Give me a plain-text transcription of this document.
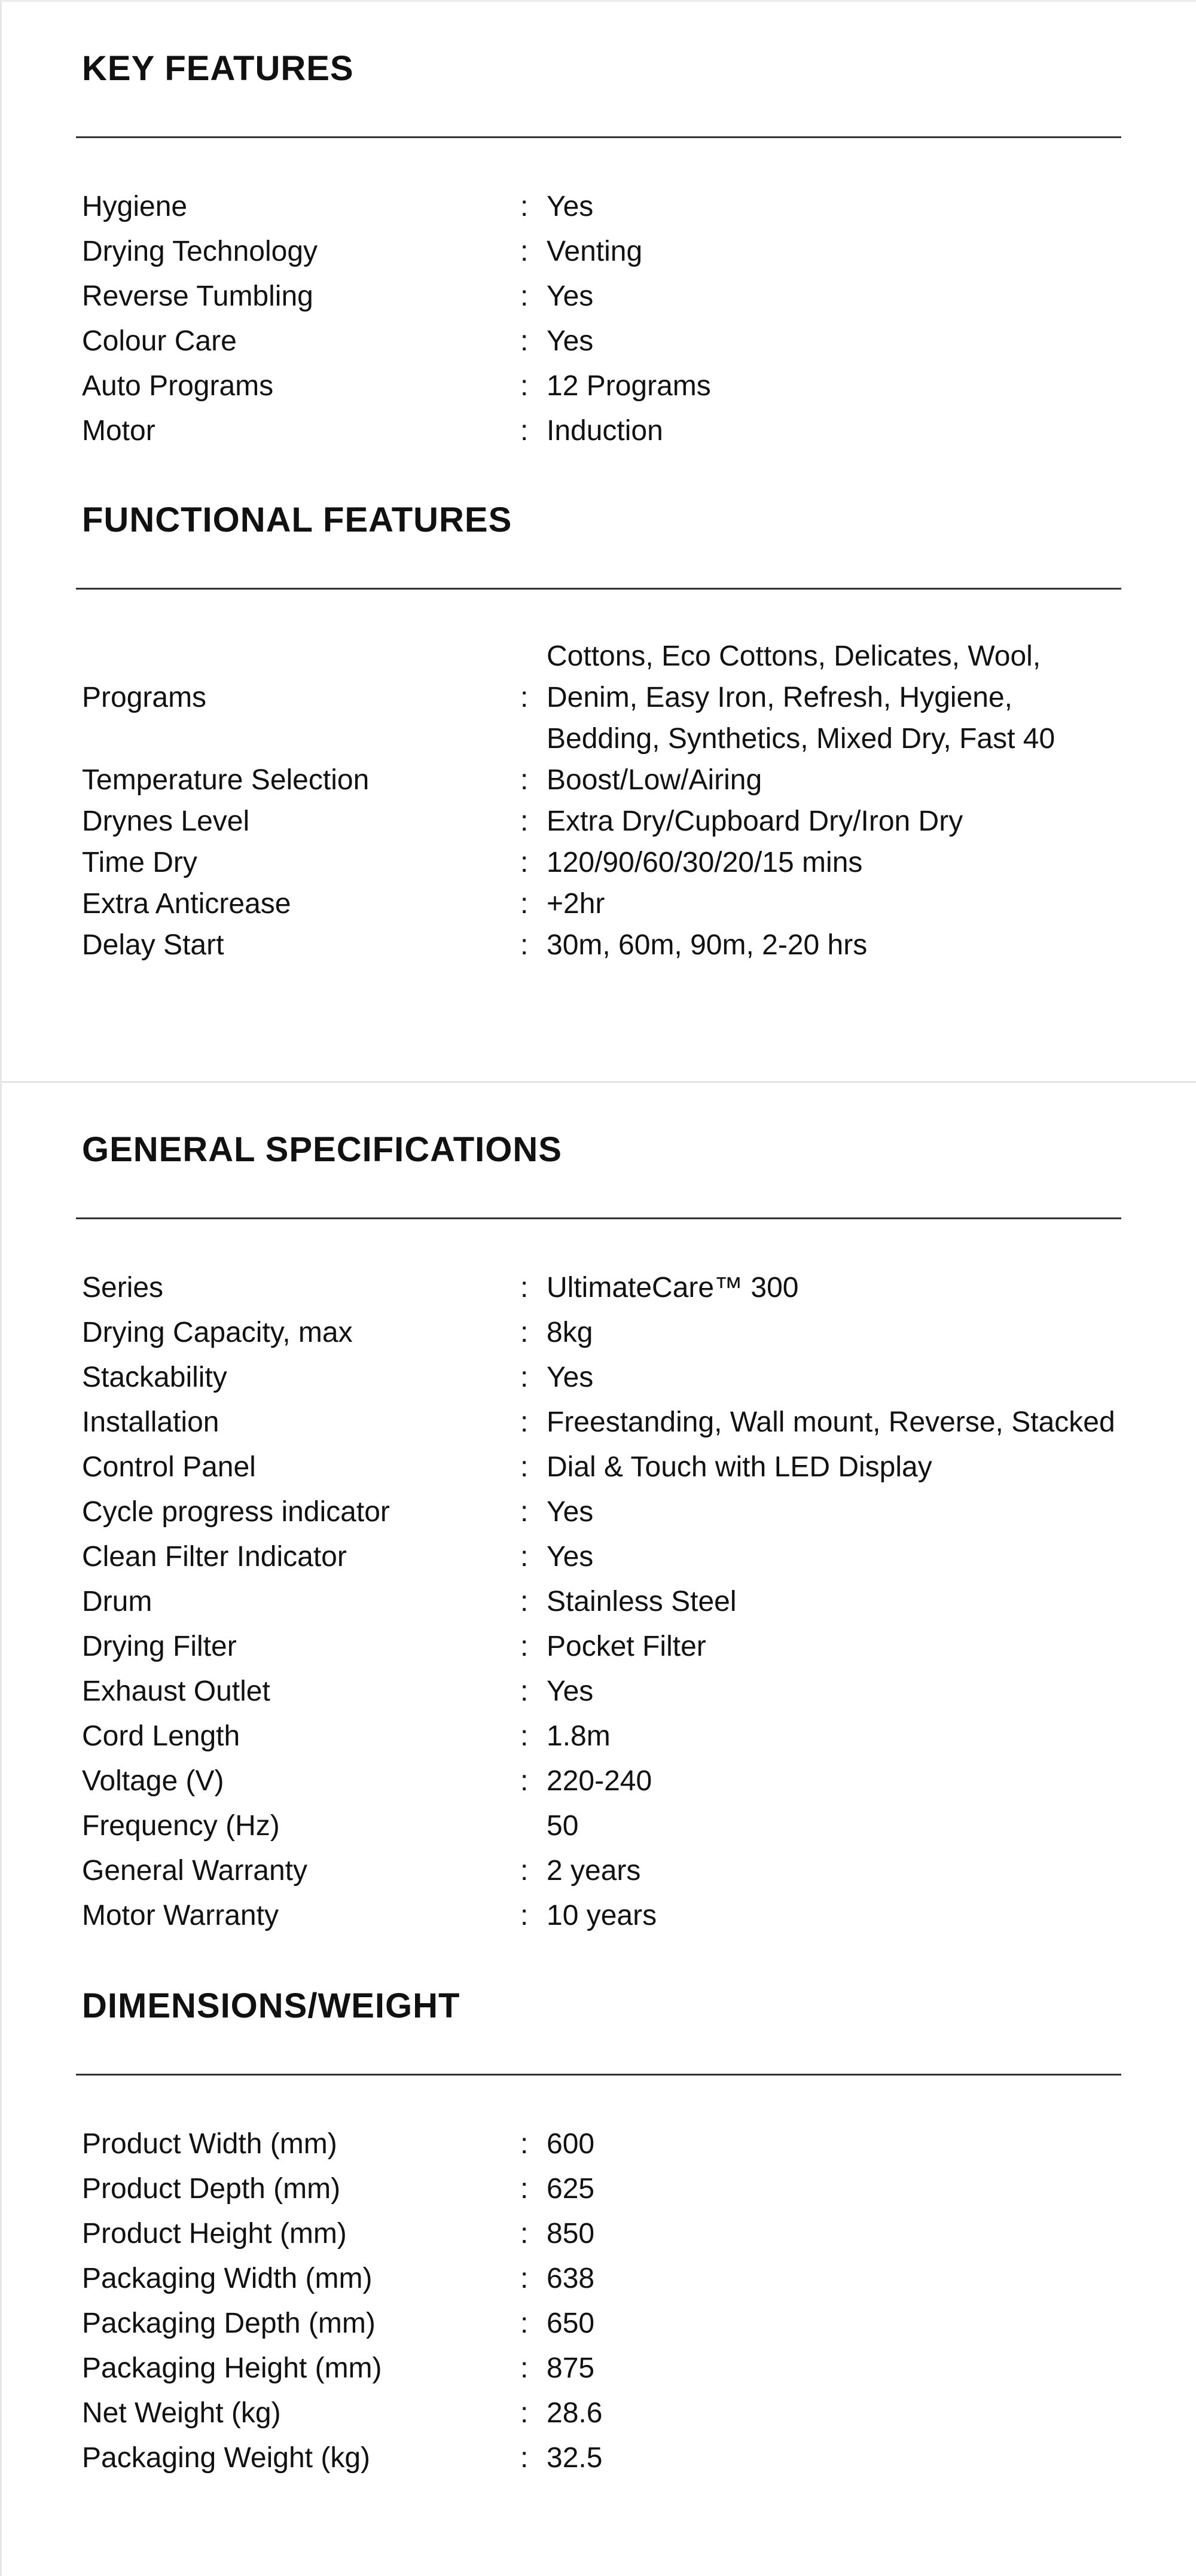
KEY FEATURES
Hygiene	: Yes
Drying Technology	: Venting
Reverse Tumbling	: Yes
Colour Care	: Yes
Auto Programs	: 12 Programs
Motor	: Induction
FUNCTIONAL FEATURES
Programs	:
Cottons, Eco Cottons, Delicates, Wool, Denim, Easy Iron, Refresh, Hygiene, Bedding, Synthetics, Mixed Dry, Fast 40
Temperature Selection	: Boost/Low/Airing
Drynes Level	: Extra Dry/Cupboard Dry/Iron Dry
Time Dry	: 120/90/60/30/20/15 mins
Extra Anticrease	: +2hr
Delay Start	: 30m, 60m, 90m, 2-20 hrs
GENERAL SPECIFICATIONS
Series	: UltimateCare™ 300
Drying Capacity, max	: 8kg
Stackability	: Yes
Installation	: Freestanding, Wall mount, Reverse, Stacked
Control Panel	: Dial & Touch with LED Display
Cycle progress indicator	: Yes
Clean Filter Indicator	: Yes
Drum	: Stainless Steel
Drying Filter	: Pocket Filter
Exhaust Outlet	: Yes
Cord Length	: 1.8m
Voltage (V)	: 220-240
Frequency (Hz)	50
General Warranty	: 2 years
Motor Warranty	: 10 years
DIMENSIONS/WEIGHT
Product Width (mm)	: 600
Product Depth (mm)	: 625
Product Height (mm)	: 850
Packaging Width (mm)	: 638
Packaging Depth (mm)	: 650
Packaging Height (mm)	: 875
Net Weight (kg)	: 28.6
Packaging Weight (kg)	: 32.5
